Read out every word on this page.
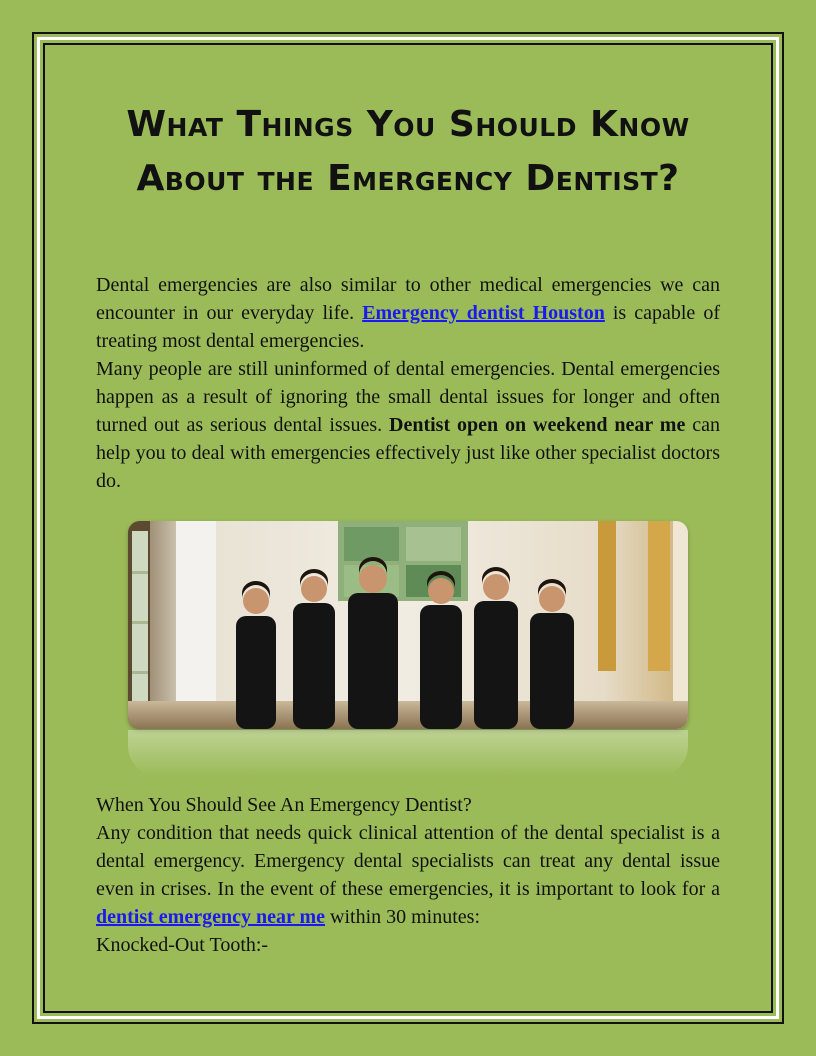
What Things You Should Know
About the Emergency Dentist?

Dental emergencies are also similar to other medical emergencies we can encounter in our everyday life. Emergency dentist Houston is capable of treating most dental emergencies.

Many people are still uninformed of dental emergencies. Dental emergencies happen as a result of ignoring the small dental issues for longer and often turned out as serious dental issues. Dentist open on weekend near me can help you to deal with emergencies effectively just like other specialist doctors do.

When You Should See An Emergency Dentist?

Any condition that needs quick clinical attention of the dental specialist is a dental emergency. Emergency dental specialists can treat any dental issue even in crises. In the event of these emergencies, it is important to look for a dentist emergency near me within 30 minutes:

Knocked-Out Tooth:-
